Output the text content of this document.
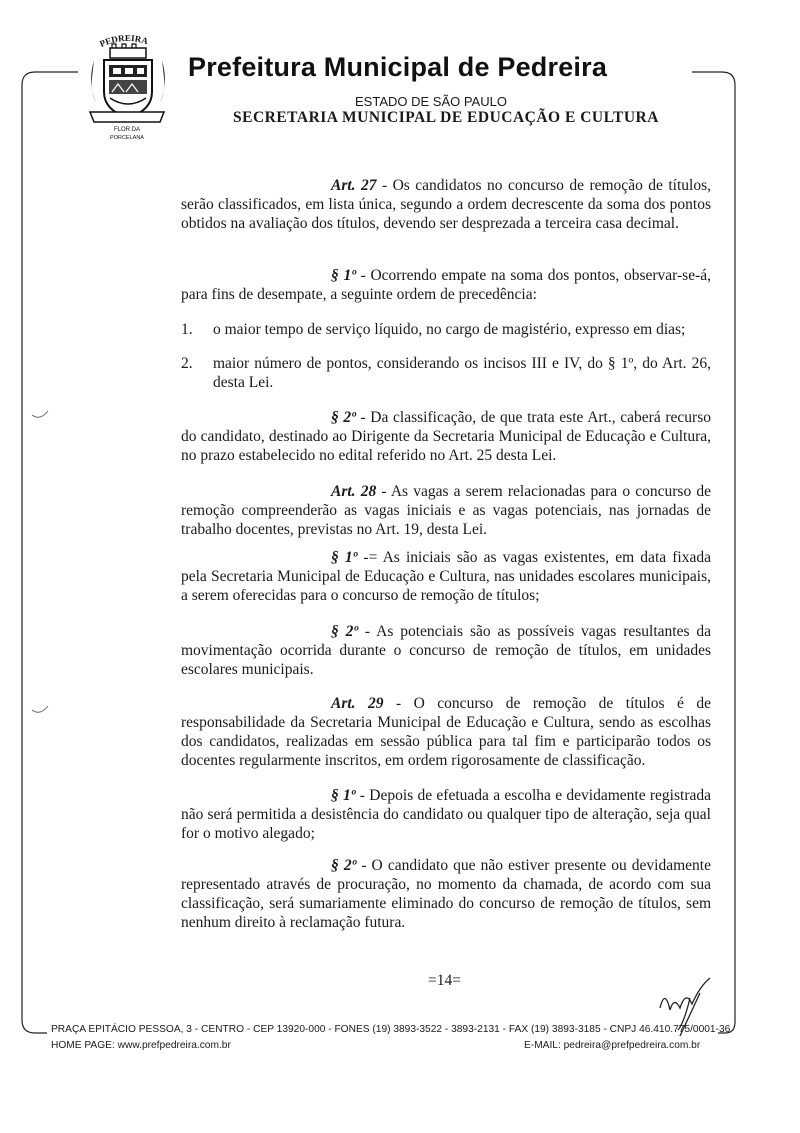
PEDREIRA
FLOR DA
PORCELANA
Prefeitura Municipal de Pedreira
ESTADO DE SÃO PAULO
SECRETARIA MUNICIPAL DE EDUCAÇÃO E CULTURA
Art. 27 - Os candidatos no concurso de remoção de títulos, serão classificados, em lista única, segundo a ordem decrescente da soma dos pontos obtidos na avaliação dos títulos, devendo ser desprezada a terceira casa decimal.
§ 1º - Ocorrendo empate na soma dos pontos, observar-se-á, para fins de desempate, a seguinte ordem de precedência:
1. o maior tempo de serviço líquido, no cargo de magistério, expresso em dias;
2. maior número de pontos, considerando os incisos III e IV, do § 1º, do Art. 26, desta Lei.
§ 2º - Da classificação, de que trata este Art., caberá recurso do candidato, destinado ao Dirigente da Secretaria Municipal de Educação e Cultura, no prazo estabelecido no edital referido no Art. 25 desta Lei.
Art. 28 - As vagas a serem relacionadas para o concurso de remoção compreenderão as vagas iniciais e as vagas potenciais, nas jornadas de trabalho docentes, previstas no Art. 19, desta Lei.
§ 1º -= As iniciais são as vagas existentes, em data fixada pela Secretaria Municipal de Educação e Cultura, nas unidades escolares municipais, a serem oferecidas para o concurso de remoção de títulos;
§ 2º - As potenciais são as possíveis vagas resultantes da movimentação ocorrida durante o concurso de remoção de títulos, em unidades escolares municipais.
Art. 29 - O concurso de remoção de títulos é de responsabilidade da Secretaria Municipal de Educação e Cultura, sendo as escolhas dos candidatos, realizadas em sessão pública para tal fim e participarão todos os docentes regularmente inscritos, em ordem rigorosamente de classificação.
§ 1º - Depois de efetuada a escolha e devidamente registrada não será permitida a desistência do candidato ou qualquer tipo de alteração, seja qual for o motivo alegado;
§ 2º - O candidato que não estiver presente ou devidamente representado através de procuração, no momento da chamada, de acordo com sua classificação, será sumariamente eliminado do concurso de remoção de títulos, sem nenhum direito à reclamação futura.
=14=
PRAÇA EPITÁCIO PESSOA, 3 - CENTRO - CEP 13920-000 - FONES (19) 3893-3522 - 3893-2131 - FAX (19) 3893-3185 - CNPJ 46.410.775/0001-36
HOME PAGE: www.prefpedreira.com.br	E-MAIL: pedreira@prefpedreira.com.br
